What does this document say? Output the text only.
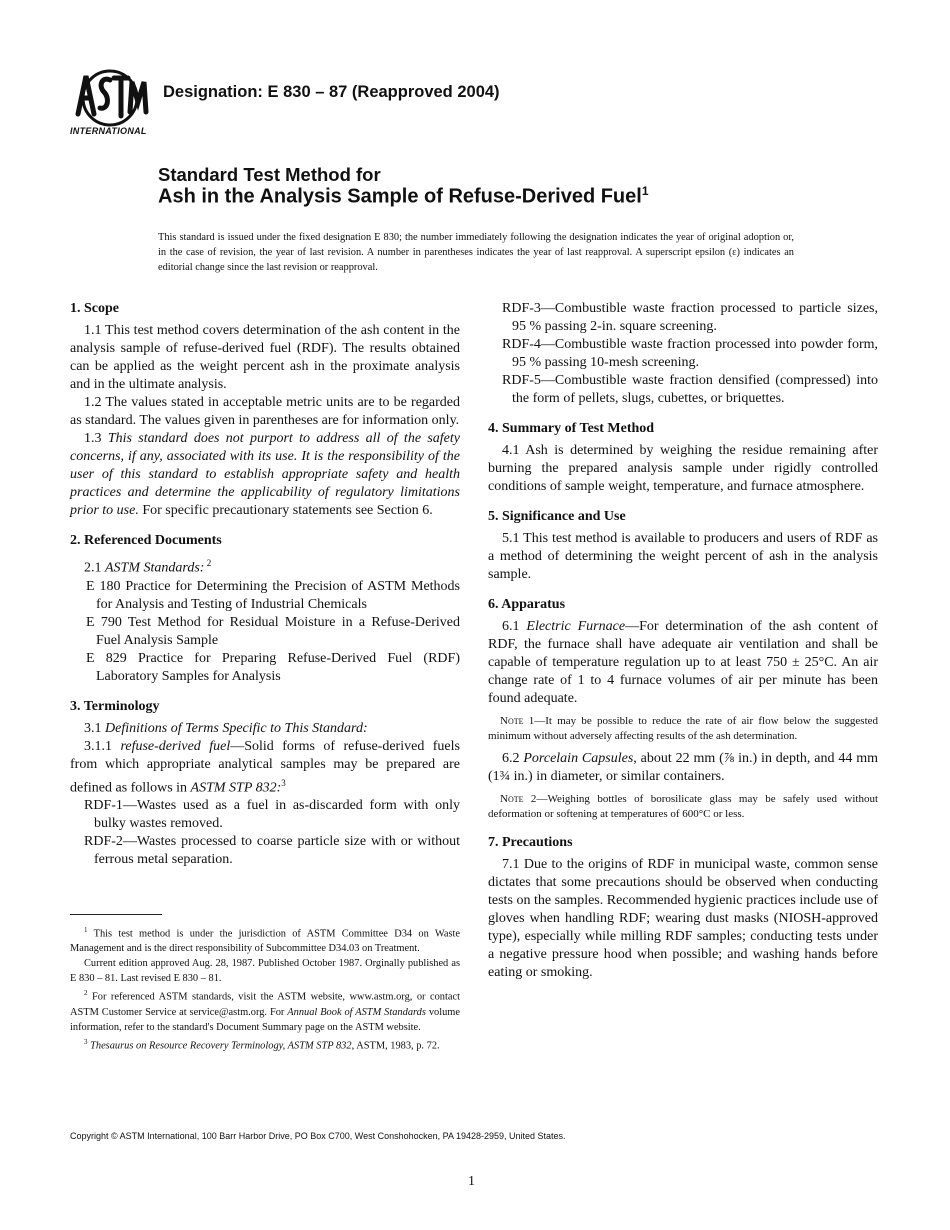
INTERNATIONAL
Designation: E 830 – 87 (Reapproved 2004)
Standard Test Method for
Ash in the Analysis Sample of Refuse-Derived Fuel$^1$
This standard is issued under the fixed designation E 830; the number immediately following the designation indicates the year of original adoption or, in the case of revision, the year of last revision. A number in parentheses indicates the year of last reapproval. A superscript epsilon (ε) indicates an editorial change since the last revision or reapproval.
1. Scope

1.1 This test method covers determination of the ash content in the analysis sample of refuse-derived fuel (RDF). The results obtained can be applied as the weight percent ash in the proximate analysis and in the ultimate analysis.

1.2 The values stated in acceptable metric units are to be regarded as standard. The values given in parentheses are for information only.

1.3 This standard does not purport to address all of the safety concerns, if any, associated with its use. It is the responsibility of the user of this standard to establish appropriate safety and health practices and determine the applicability of regulatory limitations prior to use. For specific precautionary statements see Section 6.

2. Referenced Documents

2.1 ASTM Standards: $^2$

E 180 Practice for Determining the Precision of ASTM Methods for Analysis and Testing of Industrial Chemicals

E 790 Test Method for Residual Moisture in a Refuse-Derived Fuel Analysis Sample

E 829 Practice for Preparing Refuse-Derived Fuel (RDF) Laboratory Samples for Analysis

3. Terminology

3.1 Definitions of Terms Specific to This Standard:

3.1.1 refuse-derived fuel—Solid forms of refuse-derived fuels from which appropriate analytical samples may be prepared are defined as follows in ASTM STP 832:$^3$

RDF-1—Wastes used as a fuel in as-discarded form with only bulky wastes removed.

RDF-2—Wastes processed to coarse particle size with or without ferrous metal separation.

$^1$ This test method is under the jurisdiction of ASTM Committee D34 on Waste Management and is the direct responsibility of Subcommittee D34.03 on Treatment.

Current edition approved Aug. 28, 1987. Published October 1987. Orginally published as E 830 – 81. Last revised E 830 – 81.

$^2$ For referenced ASTM standards, visit the ASTM website, www.astm.org, or contact ASTM Customer Service at service@astm.org. For Annual Book of ASTM Standards volume information, refer to the standard's Document Summary page on the ASTM website.

$^3$ Thesaurus on Resource Recovery Terminology, ASTM STP 832, ASTM, 1983, p. 72.

RDF-3—Combustible waste fraction processed to particle sizes, 95 % passing 2-in. square screening.

RDF-4—Combustible waste fraction processed into powder form, 95 % passing 10-mesh screening.

RDF-5—Combustible waste fraction densified (compressed) into the form of pellets, slugs, cubettes, or briquettes.

4. Summary of Test Method

4.1 Ash is determined by weighing the residue remaining after burning the prepared analysis sample under rigidly controlled conditions of sample weight, temperature, and furnace atmosphere.

5. Significance and Use

5.1 This test method is available to producers and users of RDF as a method of determining the weight percent of ash in the analysis sample.

6. Apparatus

6.1 Electric Furnace—For determination of the ash content of RDF, the furnace shall have adequate air ventilation and shall be capable of temperature regulation up to at least 750 ± 25°C. An air change rate of 1 to 4 furnace volumes of air per minute has been found adequate.

Note 1—It may be possible to reduce the rate of air flow below the suggested minimum without adversely affecting results of the ash determination.

6.2 Porcelain Capsules, about 22 mm (⅞ in.) in depth, and 44 mm (1¾ in.) in diameter, or similar containers.

Note 2—Weighing bottles of borosilicate glass may be safely used without deformation or softening at temperatures of 600°C or less.
7. Precautions

7.1 Due to the origins of RDF in municipal waste, common sense dictates that some precautions should be observed when conducting tests on the samples. Recommended hygienic practices include use of gloves when handling RDF; wearing dust masks (NIOSH-approved type), especially while milling RDF samples; conducting tests under a negative pressure hood when possible; and washing hands before eating or smoking.

Copyright © ASTM International, 100 Barr Harbor Drive, PO Box C700, West Conshohocken, PA 19428-2959, United States.
1
